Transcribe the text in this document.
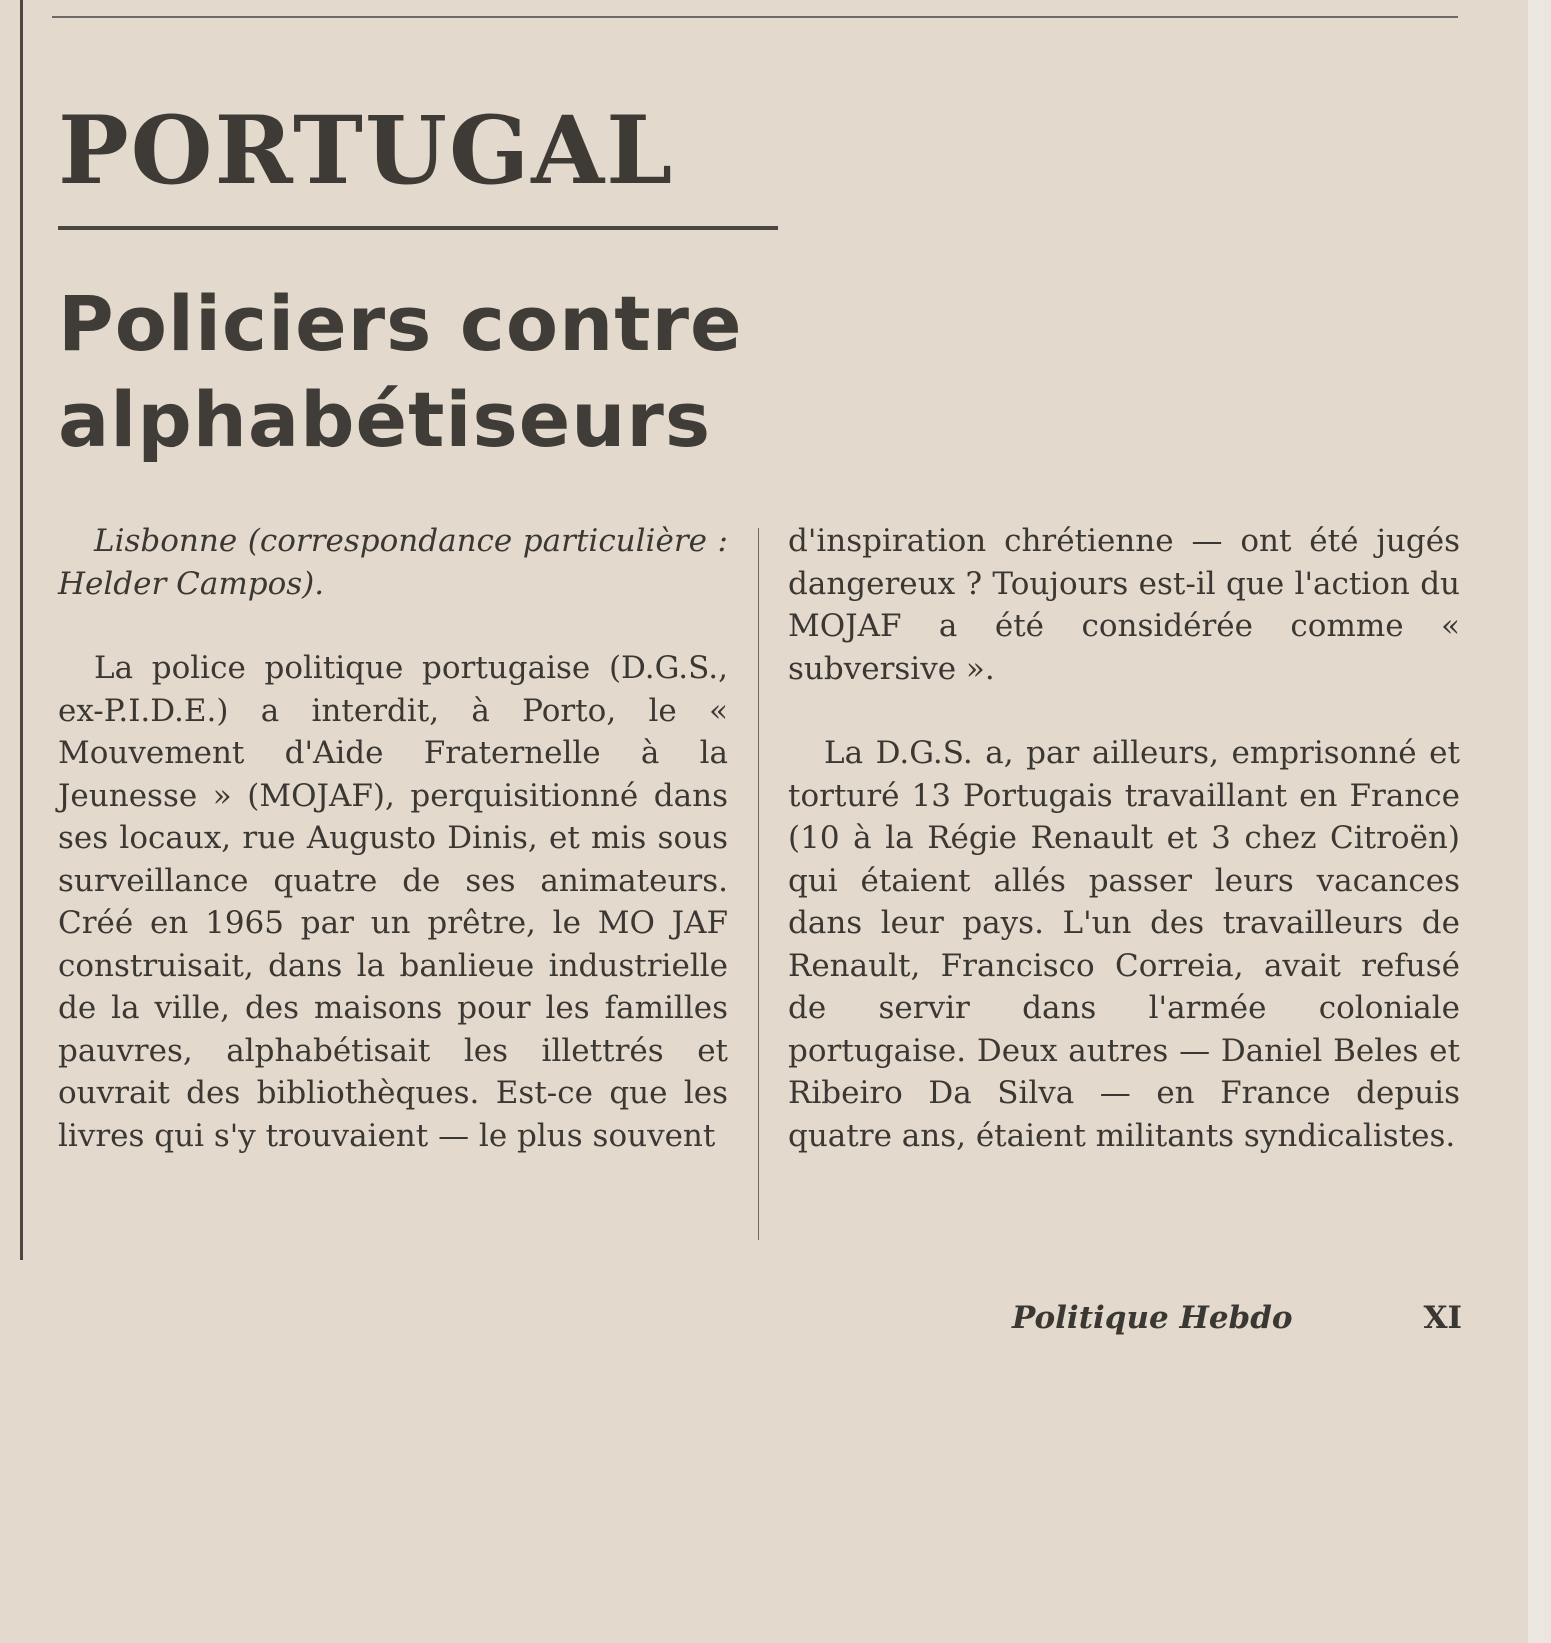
PORTUGAL
Policiers contre
alphabétiseurs

Lisbonne (correspondance particulière : Helder Campos).

La police politique portugaise (D.G.S., ex-P.I.D.E.) a interdit, à Porto, le « Mouvement d'Aide Fraternelle à la Jeunesse » (MOJAF), perquisitionné dans ses locaux, rue Augusto Dinis, et mis sous surveillance quatre de ses animateurs. Créé en 1965 par un prêtre, le MO JAF construisait, dans la banlieue industrielle de la ville, des maisons pour les familles pauvres, alphabétisait les illettrés et ouvrait des bibliothèques. Est-ce que les livres qui s'y trouvaient — le plus souvent

d'inspiration chrétienne — ont été jugés dangereux ? Toujours est-il que l'action du MOJAF a été considérée comme « subversive ».

La D.G.S. a, par ailleurs, emprisonné et torturé 13 Portugais travaillant en France (10 à la Régie Renault et 3 chez Citroën) qui étaient allés passer leurs vacances dans leur pays. L'un des travailleurs de Renault, Francisco Correia, avait refusé de servir dans l'armée coloniale portugaise. Deux autres — Daniel Beles et Ribeiro Da Silva — en France depuis quatre ans, étaient militants syndicalistes.

Politique Hebdo	XI
